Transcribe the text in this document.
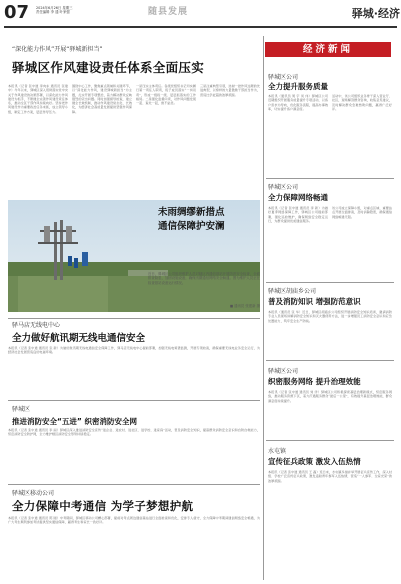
07	2024年6月26日 星期三
责任编辑 李 通 叶家强	随县发展	驿城·经济
“深化能力作风”开展“驿城新担当”
驿城区作风建设责任体系全面压实
本报讯（记者 张中道 李向东 通讯员 张建中）今年以来，驿城区深入贯彻落实党中央关于作风建设的决策部署，以深化能力作风建设为抓手，不断健全完善作风建设责任体系，推动全区干部作风持续向好。坚持把作风建设作为重要政治任务来抓，成立领导小组，制定工作方案，层层传导压力。
围绕中心工作，聚焦重点领域和关键环节，以“深化能力作风，建设驿城新担当”为主题，扎实开展专项整治，着力解决群众反映强烈的突出问题。同时加强督导检查，建立健全长效机制，推动作风建设常态化、长效化，为经济社会高质量发展提供坚强作风保障。
一是压实主体责任。各级党组织书记切实履行第一责任人职责，班子成员落实“一岗双责”，形成一级抓一级、层层抓落实的工作格局。二是强化监督问责，对作风问题发现一起、查处一起，绝不姑息。
三是注重典型引领，选树一批作风过硬的先进典型，以榜样的力量激励干部担当作为，营造比学赶超的浓厚氛围。
经济新闻
驿城区公司
全力提升服务质量
本报讯（通讯员 周 宇 何 伟）驿城区公司近期组织开展服务质量提升专项活动，以客户需求为导向，优化服务流程，提高办事效率，切实提升客户满意度。
活动中，该公司组织业务骨干深入营业厅、社区，现场解答群众咨询，收集意见建议，及时解决群众急难愁盼问题，赢得广泛好评。
驿城区公司
全力保障网络畅通
本报讯（记者 张中道 通讯员 李 新）为做好夏季网络保障工作，驿城区公司提前部署，强化巡检维护，确保网络安全稳定运行，为群众提供优质通信服务。
该公司成立保障小组，对重点区域、重要站点开展全面排查，及时消除隐患，确保通信网络畅通无阻。
未雨绸缪新措点
通信保障护安澜
近日，驿城区公司组织维护人员对辖区内通信基站开展防汛安全检查，全面排查隐患，加固设施设备，确保汛期通信网络安全畅通。图为维护人员正在检查基站设备运行情况。
■ 通讯员 张建新 摄
驿城区胡庙乡公司
普及消防知识 增强防范意识
本报讯（通讯员 张 华）近日，驿城区胡庙乡公司组织开展消防安全知识培训，邀请消防专业人员现场讲解消防安全知识和灭火器使用方法，进一步增强员工消防安全意识和应急处置能力，筑牢安全生产防线。
驿城区公司
织密服务网络 提升治理效能
本报讯（记者 张中道 通讯员 刘 洋）驿城区公司积极探索基层治理新模式，织密服务网络，推动服务资源下沉，着力打通服务群众“最后一公里”，有效提升基层治理效能，群众满意度持续提升。
水屯镇
宣传征兵政策 激发入伍热情
本报讯（记者 张中道 通讯员 王 磊）连日来，水屯镇多措并举开展征兵宣传工作，深入村组、学校广泛宣传征兵政策，激发适龄青年参军入伍热情，营造“一人参军、全家光荣”的浓厚氛围。
驿马店无线电中心
全力做好航讯期无线电通信安全
本报讯（记者 张中道 通讯员 张 新）为做好航讯期无线电通信安全保障工作，驿马店无线电中心提前部署，加强无线电频谱监测，开展专项检查，确保重要无线电业务安全运行，为经济社会发展营造良好电磁环境。
驿城区
推进消防安全“五进” 织密消防安全网
本报讯（记者 张中道 通讯员 李 丽）驿城区深入推进消防安全宣传“进企业、进农村、进社区、进学校、进家庭”活动，普及消防安全知识，提高群众消防安全意识和自防自救能力，织密消防安全防护网，全力维护辖区消防安全形势持续稳定。
驿城区移动公司
全力保障中考通信 为学子梦想护航
本报讯（记者 张中道 通讯员 陈 刚）中考期间，驿城区移动公司精心部署，提前对考点周边通信基站进行全面检查和优化，安排专人值守，全力保障中考期间通信网络安全畅通，为广大考生顺利参加考试提供坚实通信保障，赢得考生和家长一致好评。
